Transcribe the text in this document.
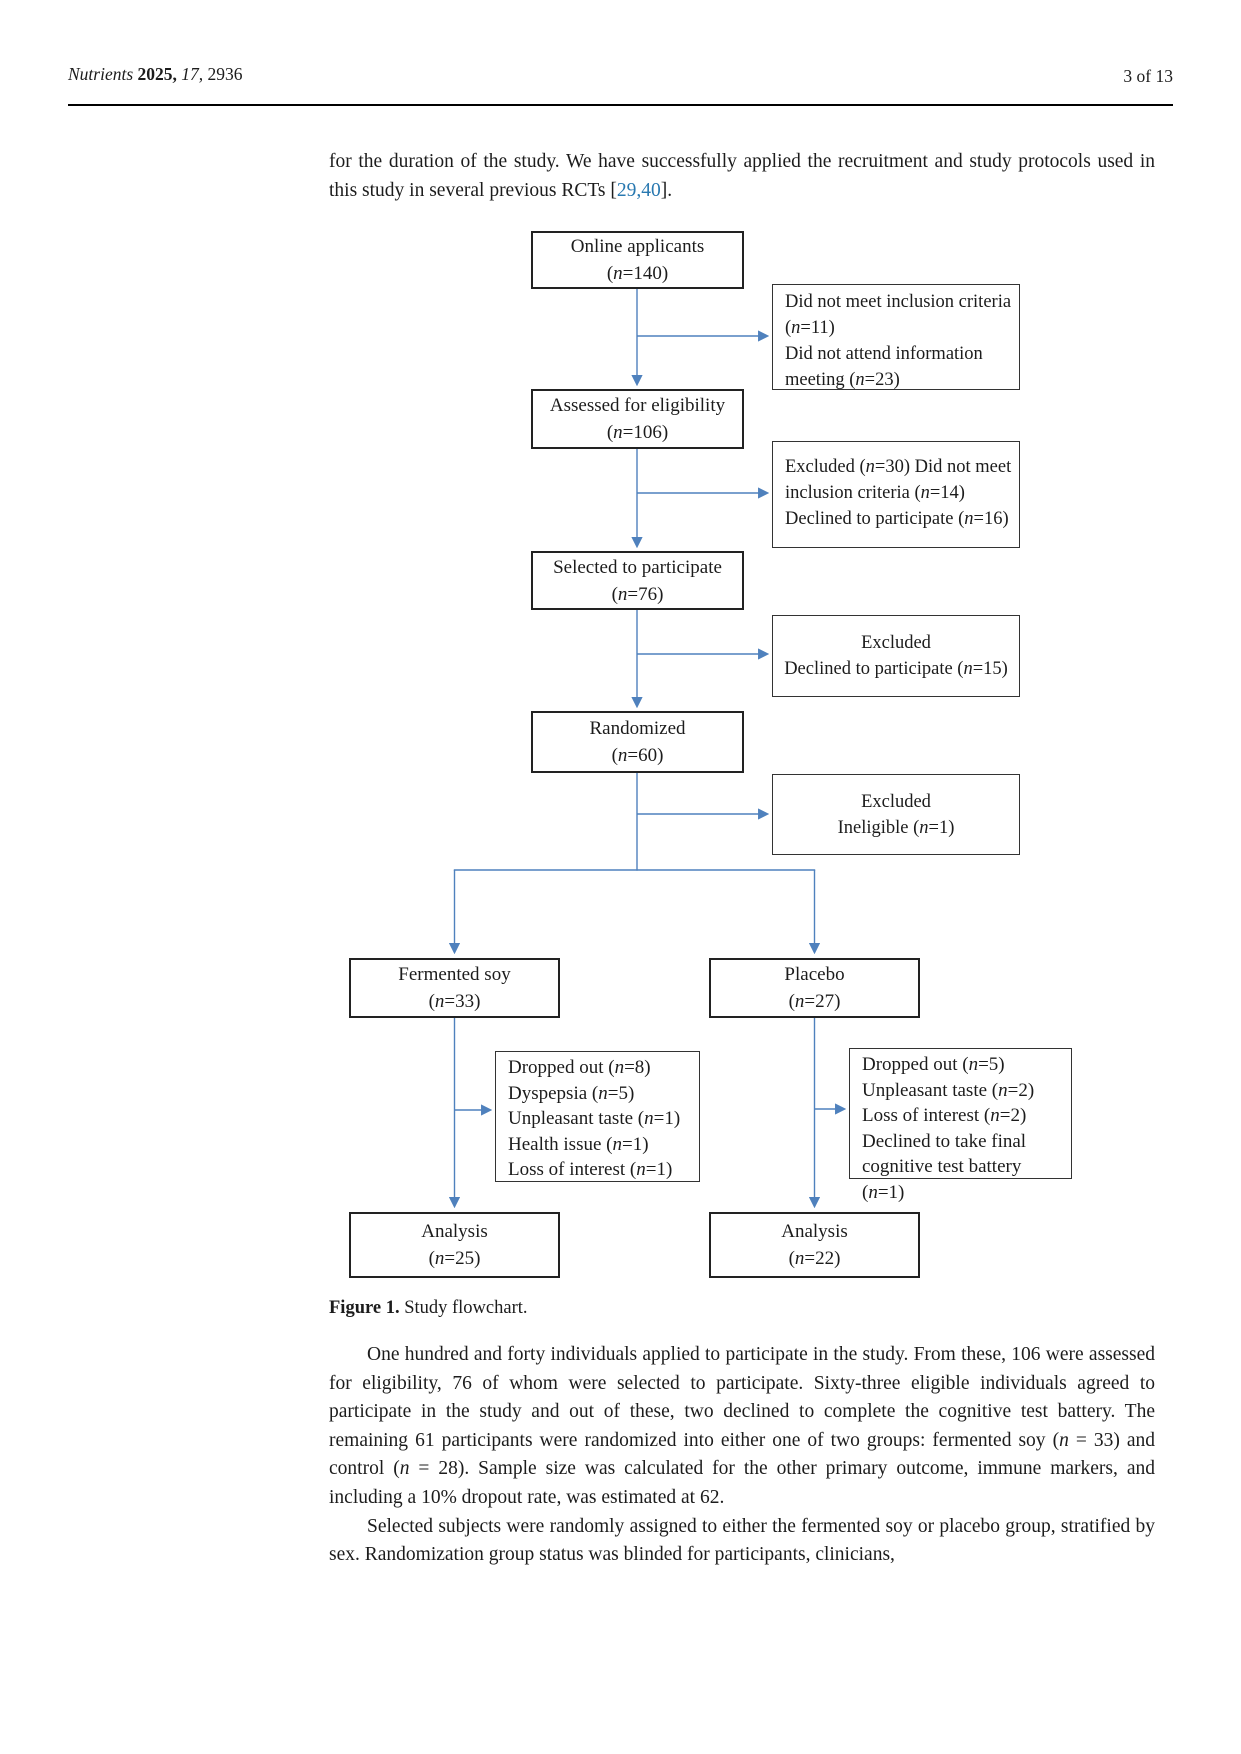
Nutrients 2025, 17, 2936	3 of 13
for the duration of the study. We have successfully applied the recruitment and study protocols used in this study in several previous RCTs [29,40].
Online applicants
(n=140)
Did not meet inclusion criteria
(n=11)
Did not attend information
meeting (n=23)
Assessed for eligibility
(n=106)
Excluded (n=30) Did not meet
inclusion criteria (n=14)
Declined to participate (n=16)
Selected to participate
(n=76)
Excluded
Declined to participate (n=15)
Randomized
(n=60)
Excluded
Ineligible (n=1)
Fermented soy
(n=33)
Placebo
(n=27)
Dropped out (n=8)
Dyspepsia (n=5)
Unpleasant taste (n=1)
Health issue (n=1)
Loss of interest (n=1)
Dropped out (n=5)
Unpleasant taste (n=2)
Loss of interest (n=2)
Declined to take final
cognitive test battery (n=1)
Analysis
(n=25)
Analysis
(n=22)
Figure 1. Study flowchart.

One hundred and forty individuals applied to participate in the study. From these, 106 were assessed for eligibility, 76 of whom were selected to participate. Sixty-three eligible individuals agreed to participate in the study and out of these, two declined to complete the cognitive test battery. The remaining 61 participants were randomized into either one of two groups: fermented soy (n = 33) and control (n = 28). Sample size was calculated for the other primary outcome, immune markers, and including a 10% dropout rate, was estimated at 62.

Selected subjects were randomly assigned to either the fermented soy or placebo group, stratified by sex. Randomization group status was blinded for participants, clinicians,
